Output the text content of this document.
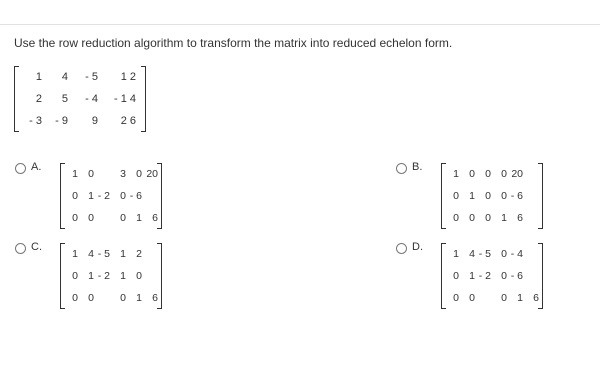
Use the row reduction algorithm to transform the matrix into reduced echelon form.
1	4	- 5	1 2
2	5	- 4	- 1 4
- 3	- 9	9	2 6
A.
1 0	3 0 20
0 1 - 2 0 - 6
0 0	0 1 6
B.
1 0 0 0 20
0 1 0 0 - 6
0 0 0 1 6
C.
1 4 - 5 1 2
0 1 - 2 1 0
0 0	0 1 6
D.
1 4 - 5 0 - 4
0 1 - 2 0 - 6
0 0	0 1 6
